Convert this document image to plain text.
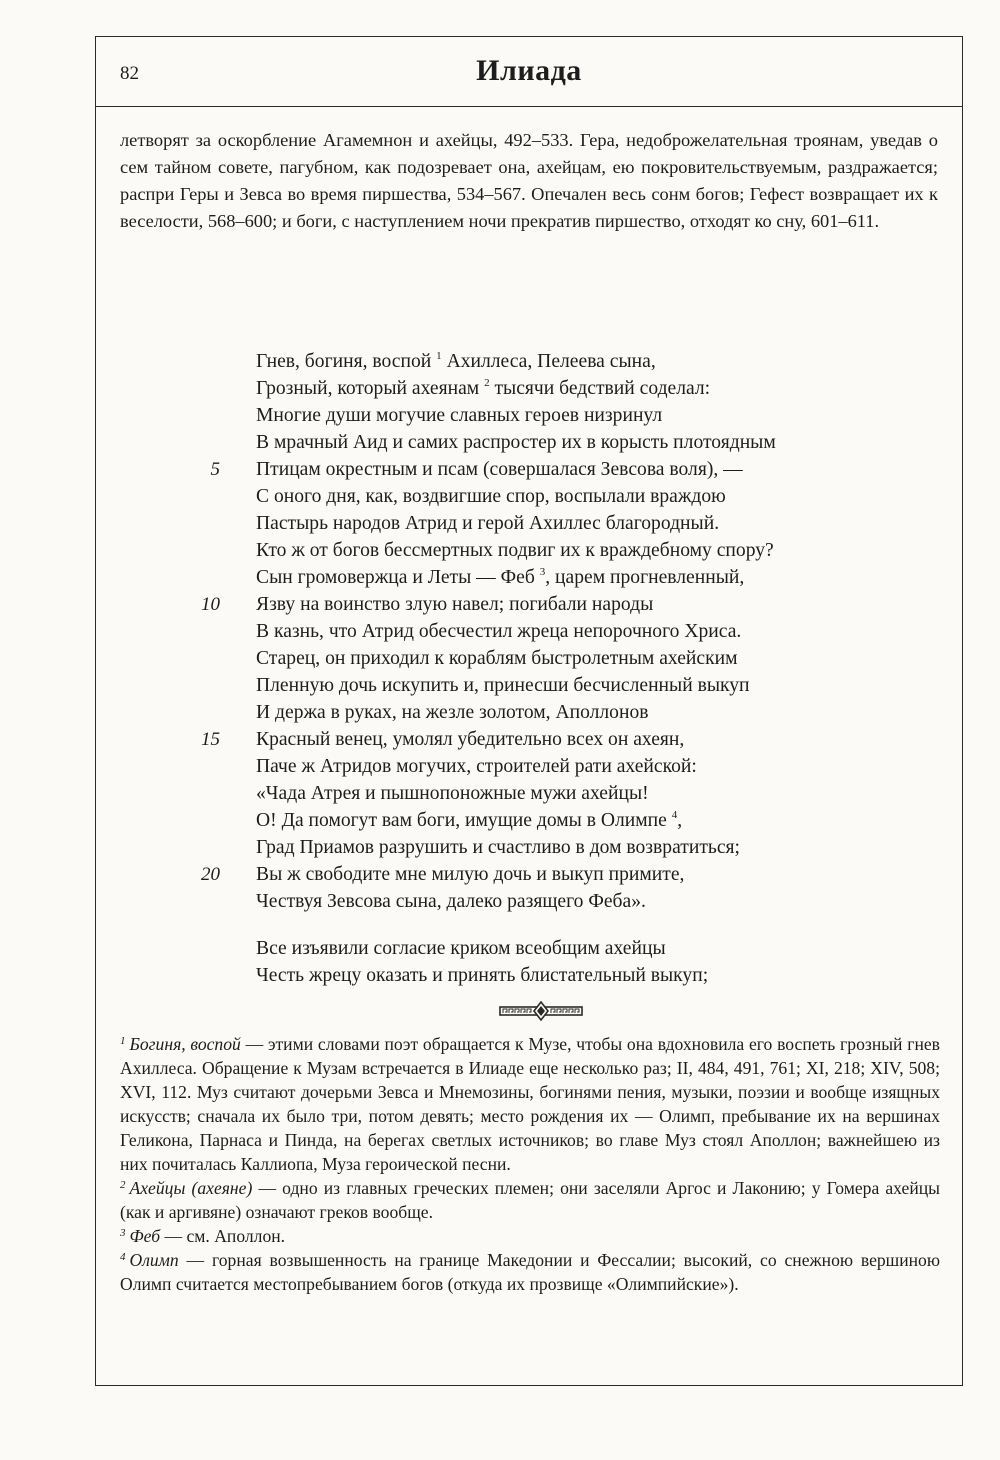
82	Илиада

летворят за оскорбление Агамемнон и ахейцы, 492–533. Гера, недоброжелательная троянам, уведав о сем тайном совете, пагубном, как подозревает она, ахейцам, ею покровительствуемым, раздражается; распри Геры и Зевса во время пиршества, 534–567. Опечален весь сонм богов; Гефест возвращает их к веселости, 568–600; и боги, с наступлением ночи прекратив пиршество, отходят ко сну, 601–611.

Гнев, богиня, воспой $^1$ Ахиллеса, Пелеева сына,
Грозный, который ахеянам $^2$ тысячи бедствий соделал:
Многие души могучие славных героев низринул
В мрачный Аид и самих распростер их в корысть плотоядным
5 Птицам окрестным и псам (совершалася Зевсова воля), —
С оного дня, как, воздвигшие спор, воспылали враждою
Пастырь народов Атрид и герой Ахиллес благородный.
Кто ж от богов бессмертных подвиг их к враждебному спору?
Сын громовержца и Леты — Феб $^3$, царем прогневленный,
10 Язву на воинство злую навел; погибали народы
В казнь, что Атрид обесчестил жреца непорочного Хриса.
Старец, он приходил к кораблям быстролетным ахейским
Пленную дочь искупить и, принесши бесчисленный выкуп
И держа в руках, на жезле золотом, Аполлонов
15 Красный венец, умолял убедительно всех он ахеян,
Паче ж Атридов могучих, строителей рати ахейской:
«Чада Атрея и пышнопоножные мужи ахейцы!
О! Да помогут вам боги, имущие домы в Олимпе $^4$,
Град Приамов разрушить и счастливо в дом возвратиться;
20 Вы ж свободите мне милую дочь и выкуп примите,
Чествуя Зевсова сына, далеко разящего Феба».
Все изъявили согласие криком всеобщим ахейцы
Честь жрецу оказать и принять блистательный выкуп;

$^1$ Богиня, воспой — этими словами поэт обращается к Музе, чтобы она вдохновила его воспеть грозный гнев Ахиллеса. Обращение к Музам встречается в Илиаде еще несколько раз; II, 484, 491, 761; XI, 218; XIV, 508; XVI, 112. Муз считают дочерьми Зевса и Мнемозины, богинями пения, музыки, поэзии и вообще изящных искусств; сначала их было три, потом девять; место рождения их — Олимп, пребывание их на вершинах Геликона, Парнаса и Пинда, на берегах светлых источников; во главе Муз стоял Аполлон; важнейшею из них почиталась Каллиопа, Муза героической песни.

$^2$ Ахейцы (ахеяне) — одно из главных греческих племен; они заселяли Аргос и Лаконию; у Гомера ахейцы (как и аргивяне) означают греков вообще.

$^3$ Феб — см. Аполлон.

$^4$ Олимп — горная возвышенность на границе Македонии и Фессалии; высокий, со снежною вершиною Олимп считается местопребыванием богов (откуда их прозвище «Олимпийские»).
